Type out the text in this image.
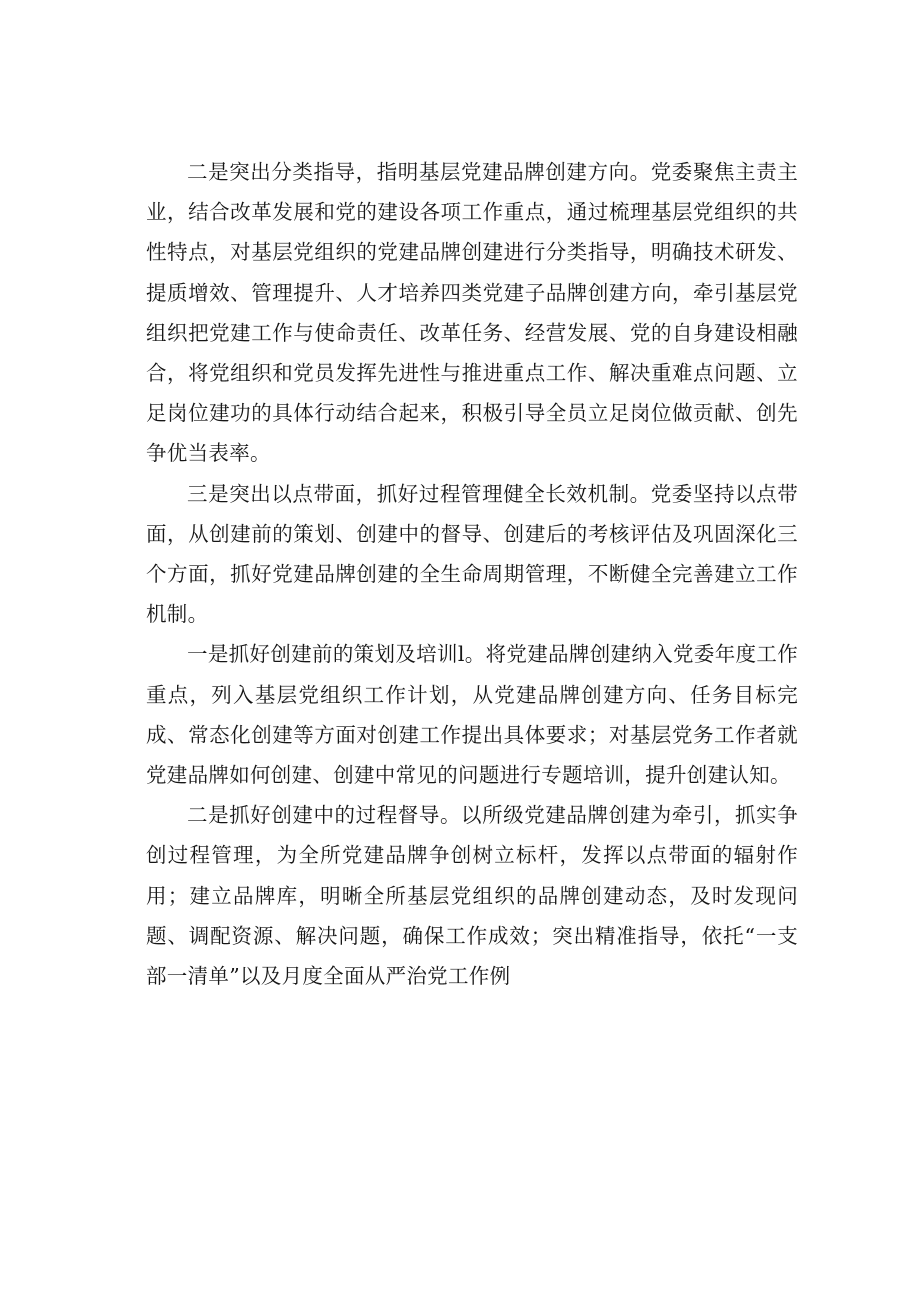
二是突出分类指导，指明基层党建品牌创建方向。党委聚焦主责主业，结合改革发展和党的建设各项工作重点，通过梳理基层党组织的共性特点，对基层党组织的党建品牌创建进行分类指导，明确技术研发、提质增效、管理提升、人才培养四类党建子品牌创建方向，牵引基层党组织把党建工作与使命责任、改革任务、经营发展、党的自身建设相融合，将党组织和党员发挥先进性与推进重点工作、解决重难点问题、立足岗位建功的具体行动结合起来，积极引导全员立足岗位做贡献、创先争优当表率。

三是突出以点带面，抓好过程管理健全长效机制。党委坚持以点带面，从创建前的策划、创建中的督导、创建后的考核评估及巩固深化三个方面，抓好党建品牌创建的全生命周期管理，不断健全完善建立工作机制。

一是抓好创建前的策划及培训l。将党建品牌创建纳入党委年度工作重点，列入基层党组织工作计划，从党建品牌创建方向、任务目标完成、常态化创建等方面对创建工作提出具体要求；对基层党务工作者就党建品牌如何创建、创建中常见的问题进行专题培训，提升创建认知。

二是抓好创建中的过程督导。以所级党建品牌创建为牵引，抓实争创过程管理，为全所党建品牌争创树立标杆，发挥以点带面的辐射作用；建立品牌库，明晰全所基层党组织的品牌创建动态，及时发现问题、调配资源、解决问题，确保工作成效；突出精准指导，依托“一支部一清单”以及月度全面从严治党工作例
